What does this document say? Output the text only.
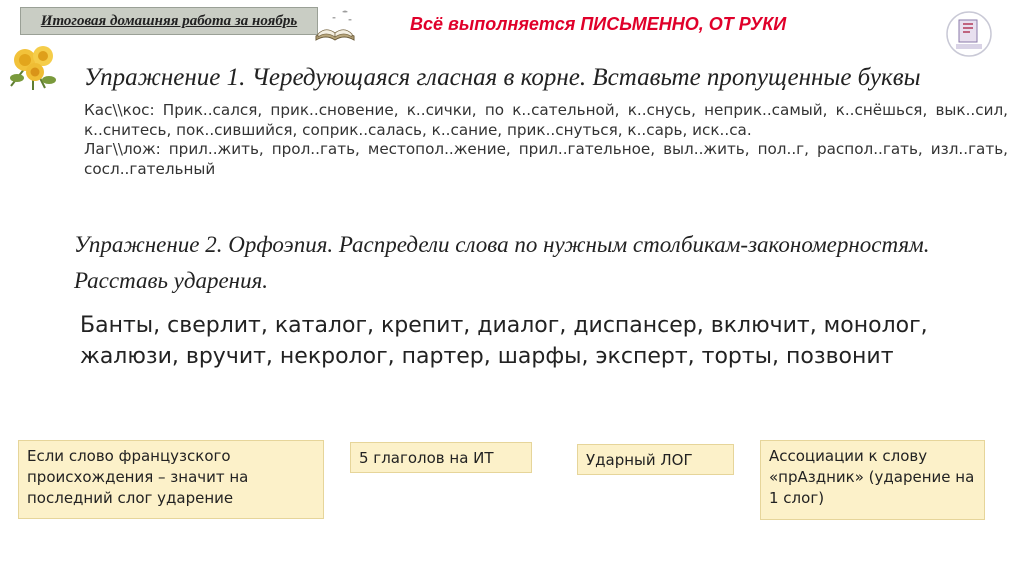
Итоговая домашняя работа за ноябрь	Всё выполняется ПИСЬМЕННО, ОТ РУКИ
Упражнение 1. Чередующаяся гласная в корне. Вставьте пропущенные буквы

Кас\\кос: Прик..сался, прик..сновение, к..сички, по к..сательной, к..снусь, неприк..самый, к..снёшься, вык..сил, к..снитесь, пок..сившийся, соприк..салась, к..сание, прик..снуться, к..сарь, иск..са.

Лаг\\лож: прил..жить, прол..гать, местопол..жение, прил..гательное, выл..жить, пол..г, распол..гать, изл..гать, сосл..гательный

Упражнение 2. Орфоэпия. Распредели слова по нужным столбикам-закономерностям. Расставь ударения.
Банты, сверлит, каталог, крепит, диалог, диспансер, включит, монолог, жалюзи, вручит, некролог, партер, шарфы, эксперт, торты, позвонит
Если слово французского происхождения – значит на последний слог ударение
5 глаголов на ИТ	Ударный ЛОГ	Ассоциации к слову «прАздник» (ударение на 1 слог)
